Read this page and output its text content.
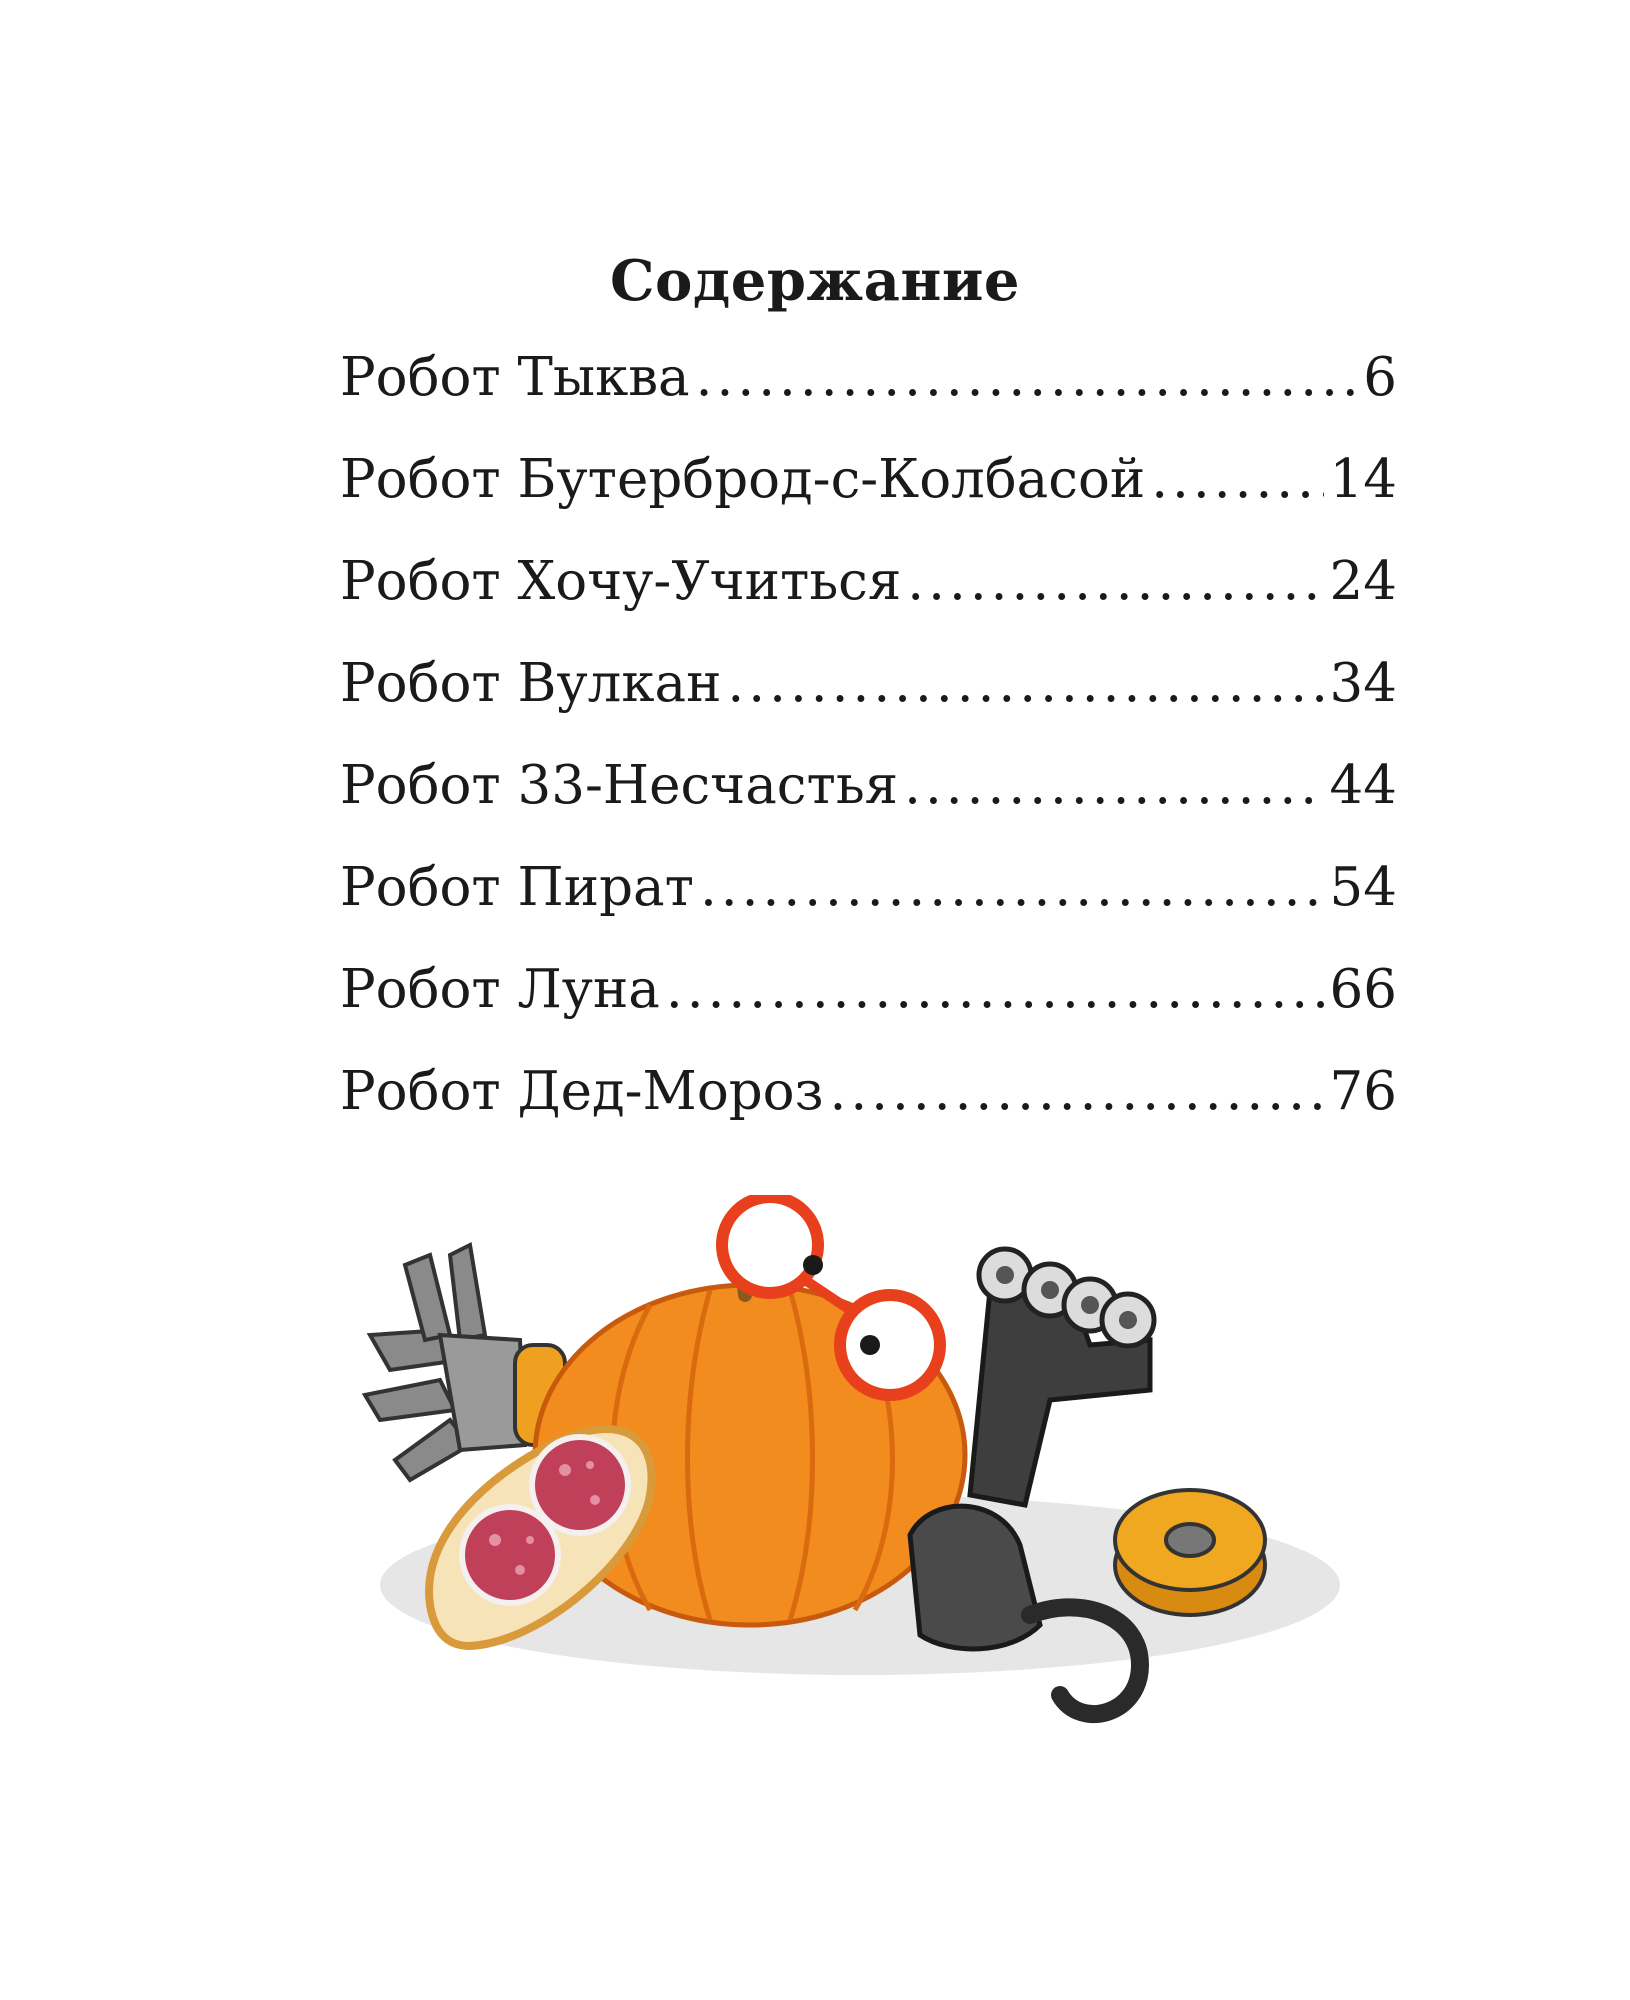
Содержание
Робот Тыква .....	6
Робот Бутерброд-с-Колбасой .....	14
Робот Хочу-Учиться .....	24
Робот Вулкан .....	34
Робот 33-Несчастья .....	44
Робот Пират .....	54
Робот Луна .....	66
Робот Дед-Мороз .....	76
